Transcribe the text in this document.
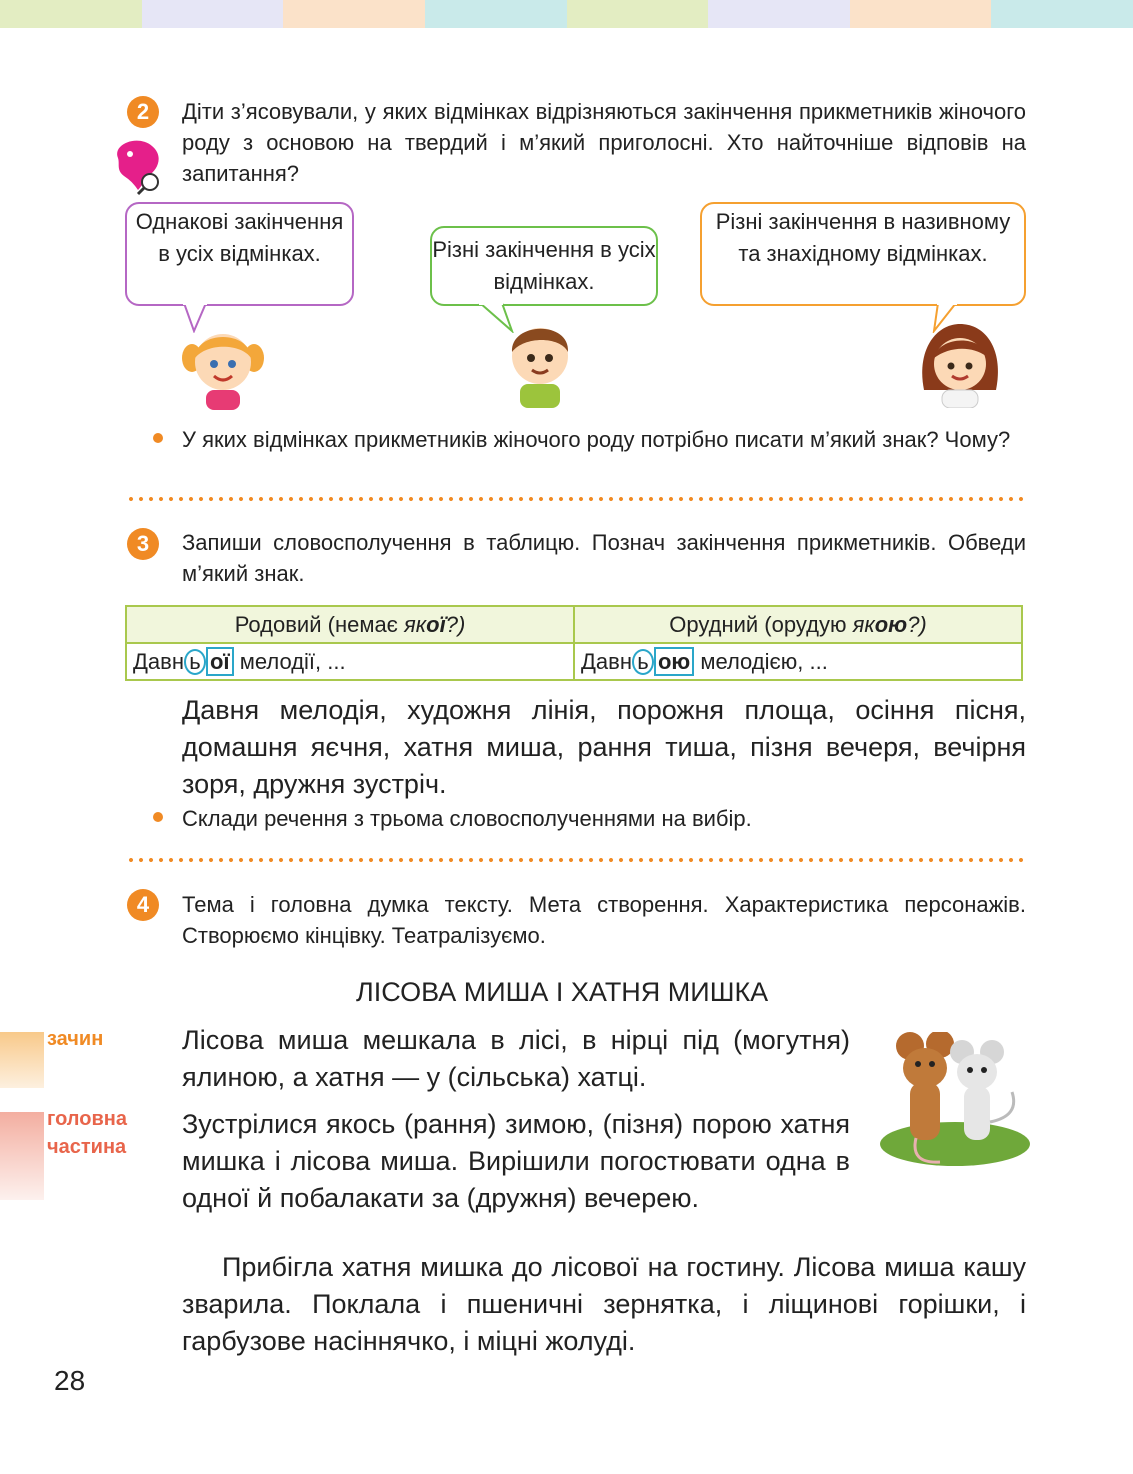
2	Діти з’ясовували, у яких відмінках відрізняються закінчення прикметників жіночого роду з основою на твердий і м’який приголосні. Хто найточніше відповів на запитання?
Однакові закінчення в усіх відмінках.	Різні закінчення в усіх відмінках.
Різні закінчення в називному та знахідному відмінках.
У яких відмінках прикметників жіночого роду потрібно писати м’який знак? Чому?
3	Запиши словосполучення в таблицю. Познач закінчення прикметників. Обведи м’який знак.
Родовий (немає якої?)	Орудний (орудую якою?)
Давн ь ої мелодії, ...	Давн ь ою мелодією, ...
Давня мелодія, художня лінія, порожня площа, осіння пісня, домашня яєчня, хатня миша, рання тиша, пізня вечеря, вечірня зоря, дружня зустріч.
Склади речення з трьома словосполученнями на вибір.
4	Тема і головна думка тексту. Мета створення. Характеристика персонажів. Створюємо кінцівку. Театралізуємо.
ЛІСОВА МИША І ХАТНЯ МИШКА
зачин
головна
частина
Лісова миша мешкала в лісі, в нірці під (могутня) ялиною, а хатня — у (сільська) хатці.
Зустрілися якось (рання) зимою, (пізня) порою хатня мишка і лісова миша. Вирішили погостювати одна в одної й побалакати за (дружня) вечерею.
Прибігла хатня мишка до лісової на гостину. Лісова миша кашу зварила. Поклала і пшеничні зернятка, і ліщинові горішки, і гарбузове насіннячко, і міцні жолуді.
28
